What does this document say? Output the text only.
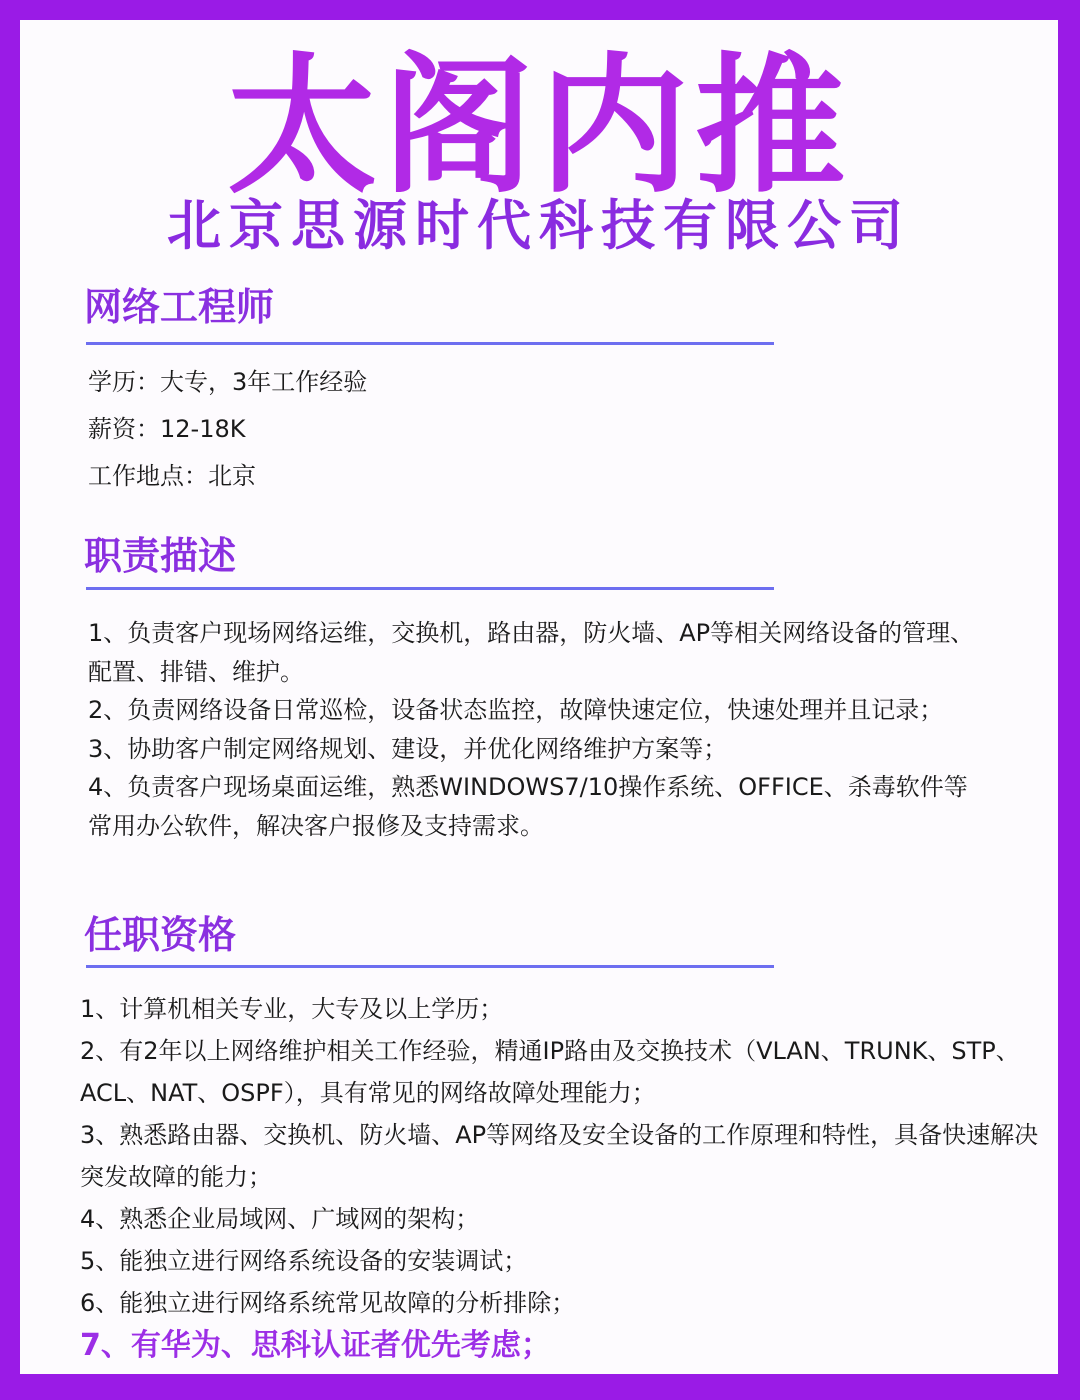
太阁内推
北京思源时代科技有限公司
网络工程师

学历：大专，3年工作经验

薪资：12-18K

工作地点：北京

职责描述
1、负责客户现场网络运维，交换机，路由器，防火墙、AP等相关网络设备的管理、配置、排错、维护。
2、负责网络设备日常巡检，设备状态监控，故障快速定位，快速处理并且记录；
3、协助客户制定网络规划、建设，并优化网络维护方案等；
4、负责客户现场桌面运维，熟悉WINDOWS7/10操作系统、OFFICE、杀毒软件等常用办公软件，解决客户报修及支持需求。
任职资格
1、计算机相关专业，大专及以上学历；
2、有2年以上网络维护相关工作经验，精通IP路由及交换技术（VLAN、TRUNK、STP、ACL、NAT、OSPF），具有常见的网络故障处理能力；
3、熟悉路由器、交换机、防火墙、AP等网络及安全设备的工作原理和特性，具备快速解决突发故障的能力；
4、熟悉企业局域网、广域网的架构；
5、能独立进行网络系统设备的安装调试；
6、能独立进行网络系统常见故障的分析排除；
7、有华为、思科认证者优先考虑；
